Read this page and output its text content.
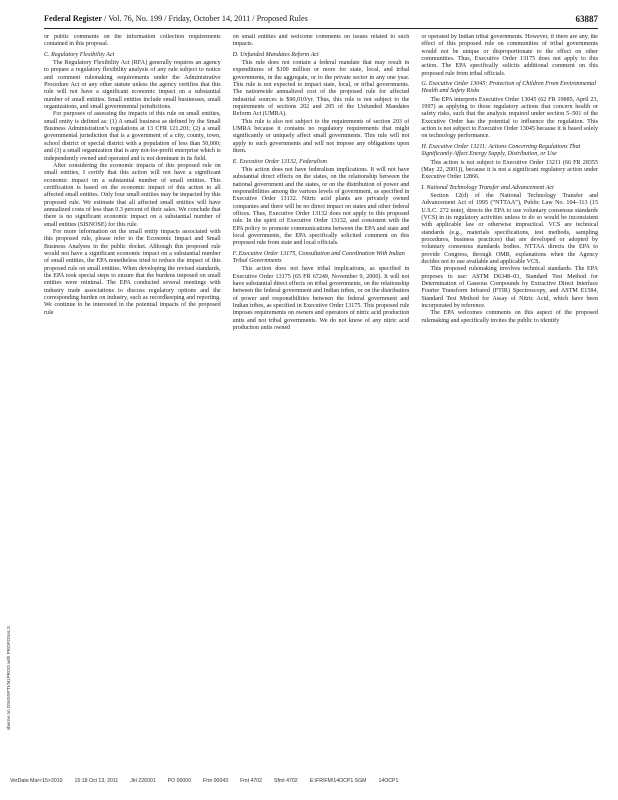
Federal Register / Vol. 76, No. 199 / Friday, October 14, 2011 / Proposed Rules	63887

or public comments on the information collection requirements contained in this proposal.

C. Regulatory Flexibility Act

The Regulatory Flexibility Act (RFA) generally requires an agency to prepare a regulatory flexibility analysis of any rule subject to notice and comment rulemaking requirements under the Administrative Procedure Act or any other statute unless the agency certifies that this rule will not have a significant economic impact on a substantial number of small entities. Small entities include small businesses, small organizations, and small governmental jurisdictions.

For purposes of assessing the impacts of this rule on small entities, small entity is defined as: (1) A small business as defined by the Small Business Administration’s regulations at 13 CFR 121.201; (2) a small governmental jurisdiction that is a government of a city, county, town, school district or special district with a population of less than 50,000; and (3) a small organization that is any not-for-profit enterprise which is independently owned and operated and is not dominant in its field.

After considering the economic impacts of this proposed rule on small entities, I certify that this action will not have a significant economic impact on a substantial number of small entities. This certification is based on the economic impact of this action to all affected small entities. Only four small entities may be impacted by this proposed rule. We estimate that all affected small entities will have annualized costs of less than 0.3 percent of their sales. We conclude that there is no significant economic impact on a substantial number of small entities (SISNOSE) for this rule.

For more information on the small entity impacts associated with this proposed rule, please refer to the Economic Impact and Small Business Analyses in the public docket. Although this proposed rule would not have a significant economic impact on a substantial number of small entities, the EPA nonetheless tried to reduce the impact of this proposed rule on small entities. When developing the revised standards, the EPA took special steps to ensure that the burdens imposed on small entities were minimal. The EPA conducted several meetings with industry trade associations to discuss regulatory options and the corresponding burden on industry, such as recordkeeping and reporting. We continue to be interested in the potential impacts of the proposed rule

on small entities and welcome comments on issues related to such impacts.

D. Unfunded Mandates Reform Act

This rule does not contain a federal mandate that may result in expenditures of $100 million or more for state, local, and tribal governments, in the aggregate, or to the private sector in any one year. This rule is not expected to impact state, local, or tribal governments. The nationwide annualized cost of the proposed rule for affected industrial sources is $90,010/yr. Thus, this rule is not subject to the requirements of sections 202 and 205 of the Unfunded Mandates Reform Act (UMRA).

This rule is also not subject to the requirements of section 203 of UMRA because it contains no regulatory requirements that might significantly or uniquely affect small governments. This rule will not apply to such governments and will not impose any obligations upon them.

E. Executive Order 13132, Federalism

This action does not have federalism implications. It will not have substantial direct effects on the states, on the relationship between the national government and the states, or on the distribution of power and responsibilities among the various levels of government, as specified in Executive Order 13132. Nitric acid plants are privately owned companies and there will be no direct impact on states and other federal offices. Thus, Executive Order 13132 does not apply to this proposed rule. In the spirit of Executive Order 13132, and consistent with the EPA policy to promote communications between the EPA and state and local governments, the EPA specifically solicited comment on this proposed rule from state and local officials.

F. Executive Order 13175, Consultation and Coordination With Indian Tribal Governments

This action does not have tribal implications, as specified in Executive Order 13175 (65 FR 67249, November 9, 2000). It will not have substantial direct effects on tribal governments, on the relationship between the federal government and Indian tribes, or on the distribution of power and responsibilities between the federal government and Indian tribes, as specified in Executive Order 13175. This proposed rule imposes requirements on owners and operators of nitric acid production units and not tribal governments. We do not know of any nitric acid production units owned

or operated by Indian tribal governments. However, if there are any, the effect of this proposed rule on communities of tribal governments would not be unique or disproportionate to the effect on other communities. Thus, Executive Order 13175 does not apply to this action. The EPA specifically solicits additional comment on this proposed rule from tribal officials.

G. Executive Order 13045: Protection of Children From Environmental Health and Safety Risks

The EPA interprets Executive Order 13045 (62 FR 19885, April 23, 1997) as applying to those regulatory actions that concern health or safety risks, such that the analysis required under section 5–501 of the Executive Order has the potential to influence the regulation. This action is not subject to Executive Order 13045 because it is based solely on technology performance.

H. Executive Order 13211: Actions Concerning Regulations That Significantly Affect Energy Supply, Distribution, or Use

This action is not subject to Executive Order 13211 (66 FR 28355 (May 22, 2001)), because it is not a significant regulatory action under Executive Order 12866.

I. National Technology Transfer and Advancement Act

Section 12(d) of the National Technology Transfer and Advancement Act of 1995 (“NTTAA”), Public Law No. 104–113 (15 U.S.C. 272 note), directs the EPA to use voluntary consensus standards (VCS) in its regulatory activities unless to do so would be inconsistent with applicable law or otherwise impractical. VCS are technical standards (e.g., materials specifications, test methods, sampling procedures, business practices) that are developed or adopted by voluntary consensus standards bodies. NTTAA directs the EPA to provide Congress, through OMB, explanations when the Agency decides not to use available and applicable VCS.

This proposed rulemaking involves technical standards. The EPA proposes to use: ASTM D6348–03, Standard Test Method for Determination of Gaseous Compounds by Extractive Direct Interface Fourier Transform Infrared (FTIR) Spectroscopy, and ASTM E1584, Standard Test Method for Assay of Nitric Acid, which have been incorporated by reference.

The EPA welcomes comments on this aspect of the proposed rulemaking and specifically invites the public to identify

sberne on DSK5SPTVN1PROD with PROPOSALS
VerDate Mar<15>2010 15:18 Oct 13, 2011 Jkt 226001 PO 00000 Frm 00043 Fmt 4702 Sfmt 4702 E:\FR\FM\14OCP1.SGM 14OCP1
